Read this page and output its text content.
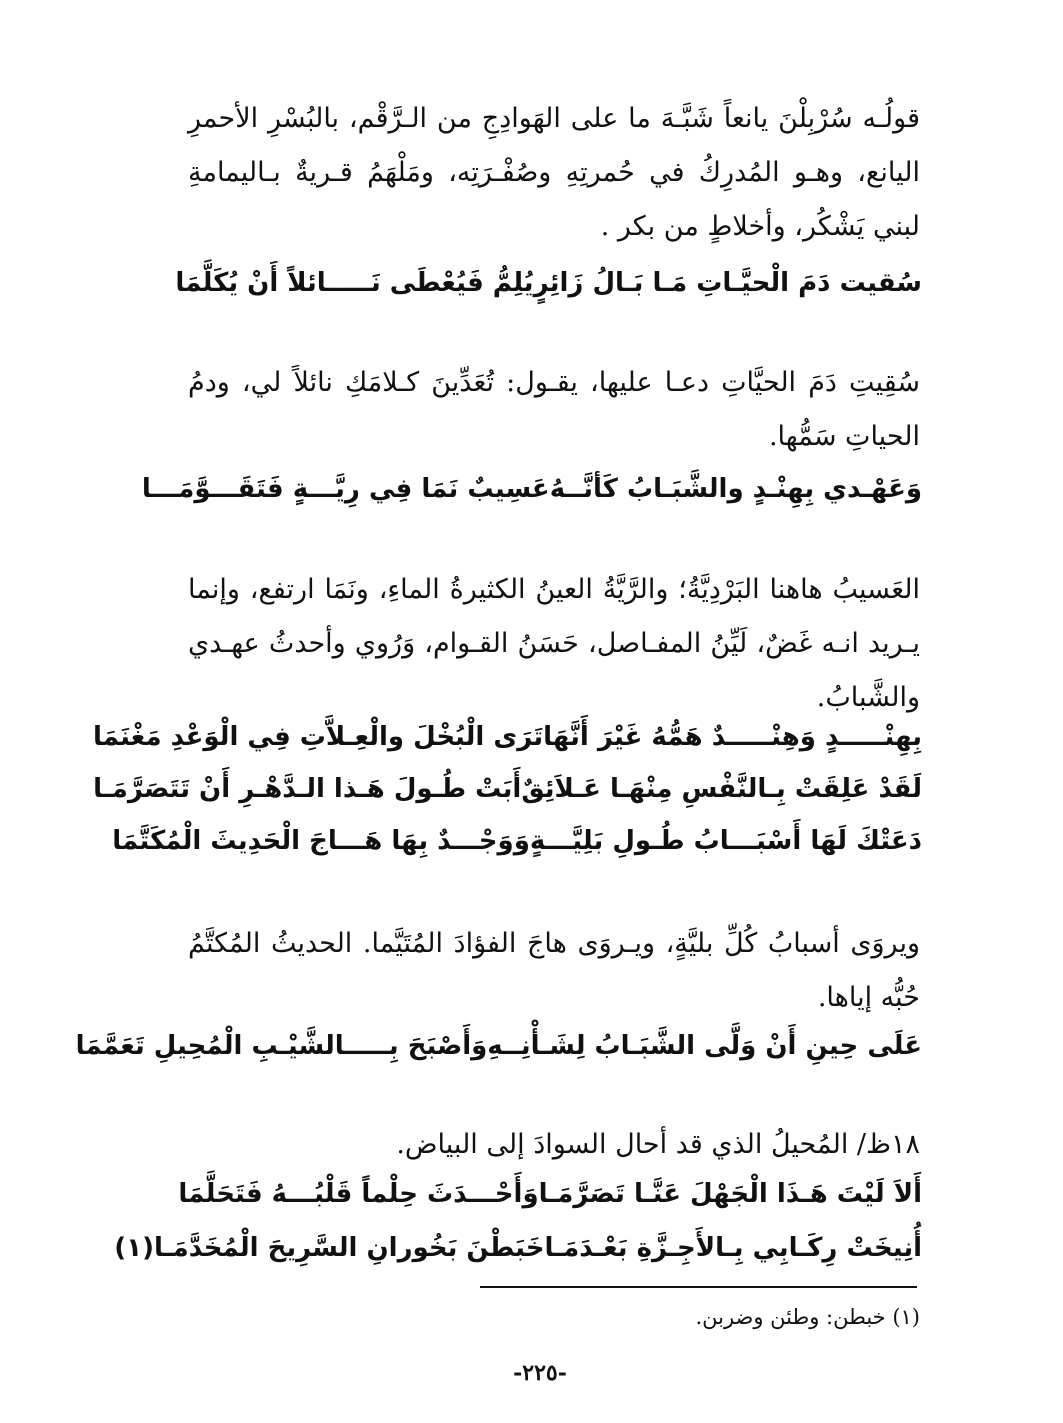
قولُـه سُرْبِلْنَ يانعاً شَبَّـهَ ما على الهَوادِجِ من الـرَّقْم، بالبُسْرِ الأحمرِ اليانع، وهـو المُدرِكُ في حُمرتِهِ وصُفْـرَتِه، ومَلْهَمُ قـريةٌ بـاليمامةِ لبني يَشْكُر، وأخلاطٍ من بكر .

سُقيت دَمَ الْحيَّـاتِ مَـا بَـالُ زَائِرٍ
يُلِمُّ فَيُعْطَى نَـــــائلاً أَنْ يُكَلَّمَا

سُقِيتِ دَمَ الحيَّاتِ دعـا عليها، يقـول: تُعَدِّينَ كـلامَكِ نائلاً لي، ودمُ الحياتِ سَمُّها.

وَعَهْـدي بِهِنْـدٍ والشَّبَـابُ كَأنَّــهُ
عَسِيبٌ نَمَا فِي رِيَّـــةٍ فَتَقَـــوَّمَـــا

العَسيبُ هاهنا البَرْدِيَّةُ؛ والرَّيَّةُ العينُ الكثيرةُ الماءِ، ونَمَا ارتفع، وإنما يـريد انـه غَضٌ، لَيِّنُ المفـاصل، حَسَنُ القـوام، وَرُوي وأحدثُ عهـدي والشَّبابُ.

بِهِنْـــــدٍ وَهِنْـــــدٌ هَمُّهُ غَيْرَ أَنَّهَا
تَرَى الْبُخْلَ والْعِـلاَّتِ فِي الْوَعْدِ مَغْنَمَا
لَقَدْ عَلِقَتْ بِـالنَّفْسِ مِنْهَـا عَـلاَئِقٌ
أَبَتْ طُـولَ هَـذا الـدَّهْـرِ أَنْ تَتَصَرَّمَـا
دَعَتْكَ لَهَا أَسْبَـــابُ طُـولِ بَلِيَّـــةٍ
وَوَجْـــدٌ بِهَا هَـــاجَ الْحَدِيثَ الْمُكَتَّمَا

ويروَى أسبابُ كُلِّ بليَّةٍ، ويـروَى هاجَ الفؤادَ المُتَيَّما. الحديثُ المُكتَّمُ حُبُّه إياها.

عَلَى حِينِ أَنْ وَلَّى الشَّبَـابُ لِشَـأْنِــهِ
وَأَصْبَحَ بِـــــالشَّيْـبِ الْمُحِيلِ تَعَمَّمَا

١٨ظ/ المُحيلُ الذي قد أحال السوادَ إلى البياض.

أَلاَ لَيْتَ هَـذَا الْجَهْلَ عَنَّـا تَصَرَّمَـا
وَأَحْـــدَثَ حِلْماً قَلْبُـــهُ فَتَحَلَّمَا
أُنِيخَتْ رِكَـابِي بِـالأَجِـزَّةِ بَعْـدَمَـا
خَبَطْنَ بَخُورانِ السَّرِيحَ الْمُخَدَّمَـا(١)
(١) خبطن: وطئن وضربن.
-٢٢٥-
